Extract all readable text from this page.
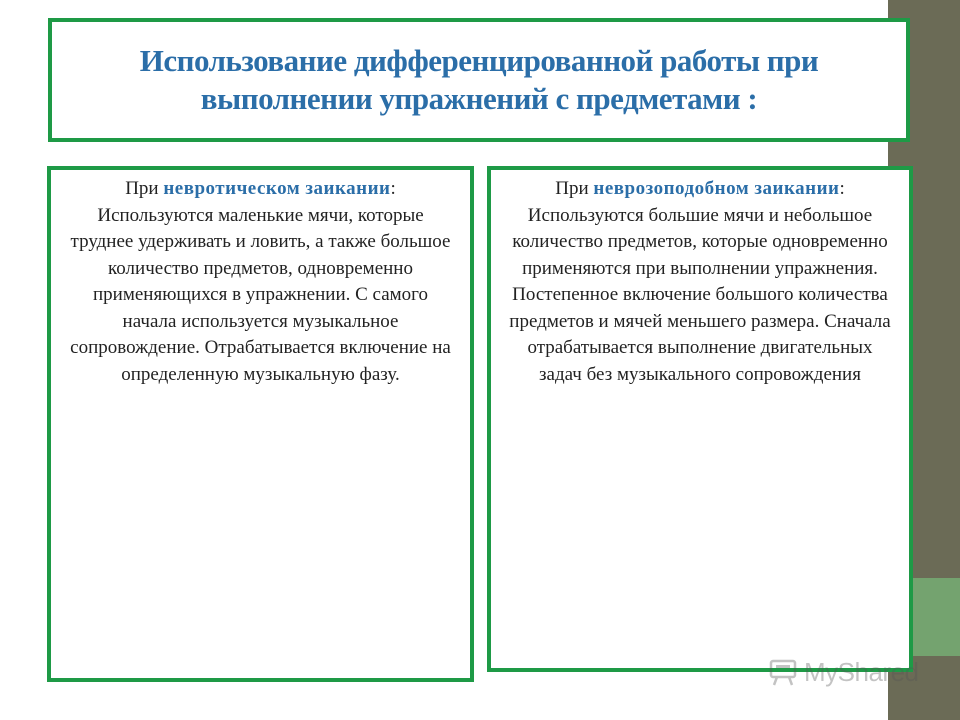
Использование дифференцированной работы при выполнении упражнений с предметами :
При невротическом заикании:
Используются маленькие мячи, которые труднее удерживать и ловить, а также большое количество предметов, одновременно применяющихся в упражнении. С самого начала используется музыкальное сопровождение. Отрабатывается включение на определенную музыкальную фазу.
При неврозоподобном заикании:
Используются большие мячи и небольшое количество предметов, которые одновременно применяются при выполнении упражнения. Постепенное включение большого количества предметов и мячей меньшего размера. Сначала отрабатывается выполнение двигательных задач без музыкального сопровождения
MyShared
